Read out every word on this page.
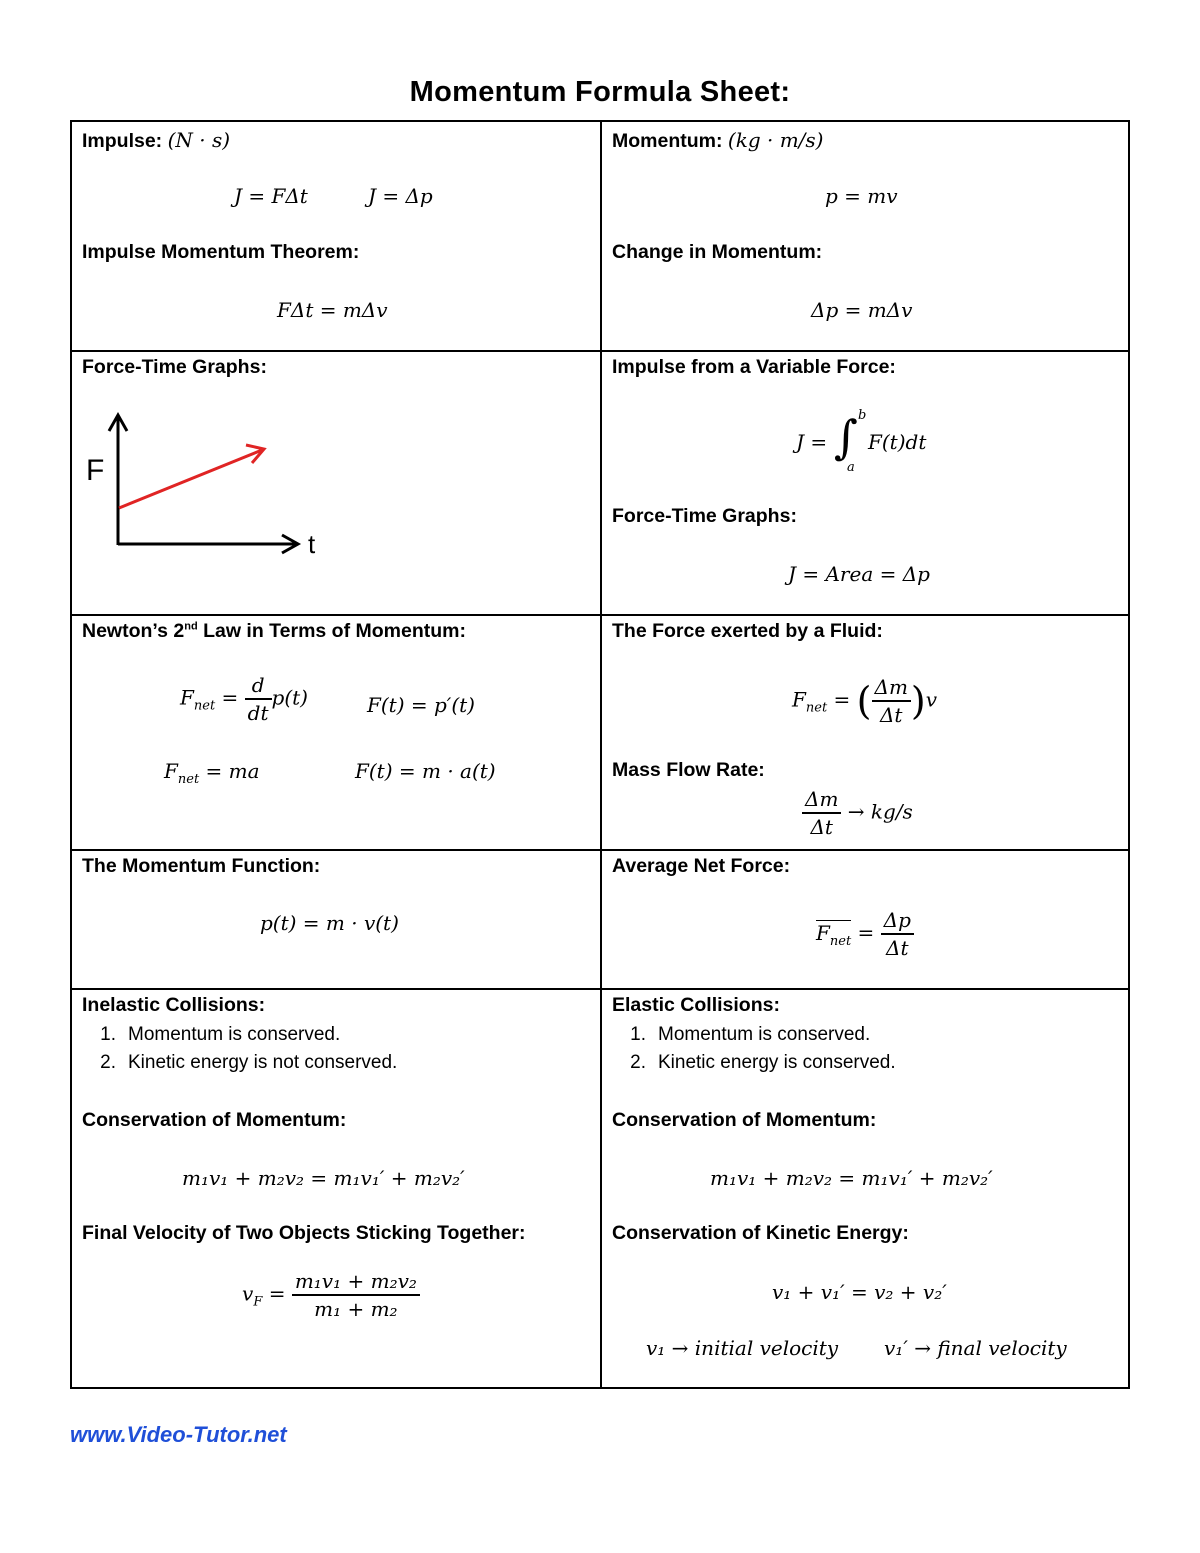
Momentum Formula Sheet:
Impulse: (N · s)
J = FΔt	J = Δp
Impulse Momentum Theorem:
FΔt = mΔv
Momentum: (kg · m/s)
p = mv
Change in Momentum:
Δp = mΔv
Force-Time Graphs:
F
t
Impulse from a Variable Force:
J = ∫ b
a
F(t)dt
Force-Time Graphs:
J = Area = Δp
Newton’s 2nd Law in Terms of Momentum:
$F_{net} = \frac{d}{dt} p(t)$	F(t) = p′(t)
$F_{net}$ = ma	F(t) = m · a(t)
The Force exerted by a Fluid:
$F_{net}$ = ( $\frac{\Delta m}{\Delta t} )v$
Mass Flow Rate:
$\frac{\Delta m}{\Delta t} \to kg/s$
The Momentum Function:
p(t) = m · v(t)
Average Net Force:
$F_{net} = \frac{\Delta p}{\Delta t}$
Inelastic Collisions:
1. Momentum is conserved.
2. Kinetic energy is not conserved.
Conservation of Momentum:
m₁v₁ + m₂v₂ = m₁v₁′ + m₂v₂′
Final Velocity of Two Objects Sticking Together:
$v_F = \frac{\text{m₁v₁ + m₂v₂}}{\text{m₁ + m₂}}$
Elastic Collisions:
1. Momentum is conserved.
2. Kinetic energy is conserved.
Conservation of Momentum:
m₁v₁ + m₂v₂ = m₁v₁′ + m₂v₂′
Conservation of Kinetic Energy:
v₁ + v₁′ = v₂ + v₂′
v₁ → initial velocity v₁′ → final velocity
www.Video-Tutor.net
